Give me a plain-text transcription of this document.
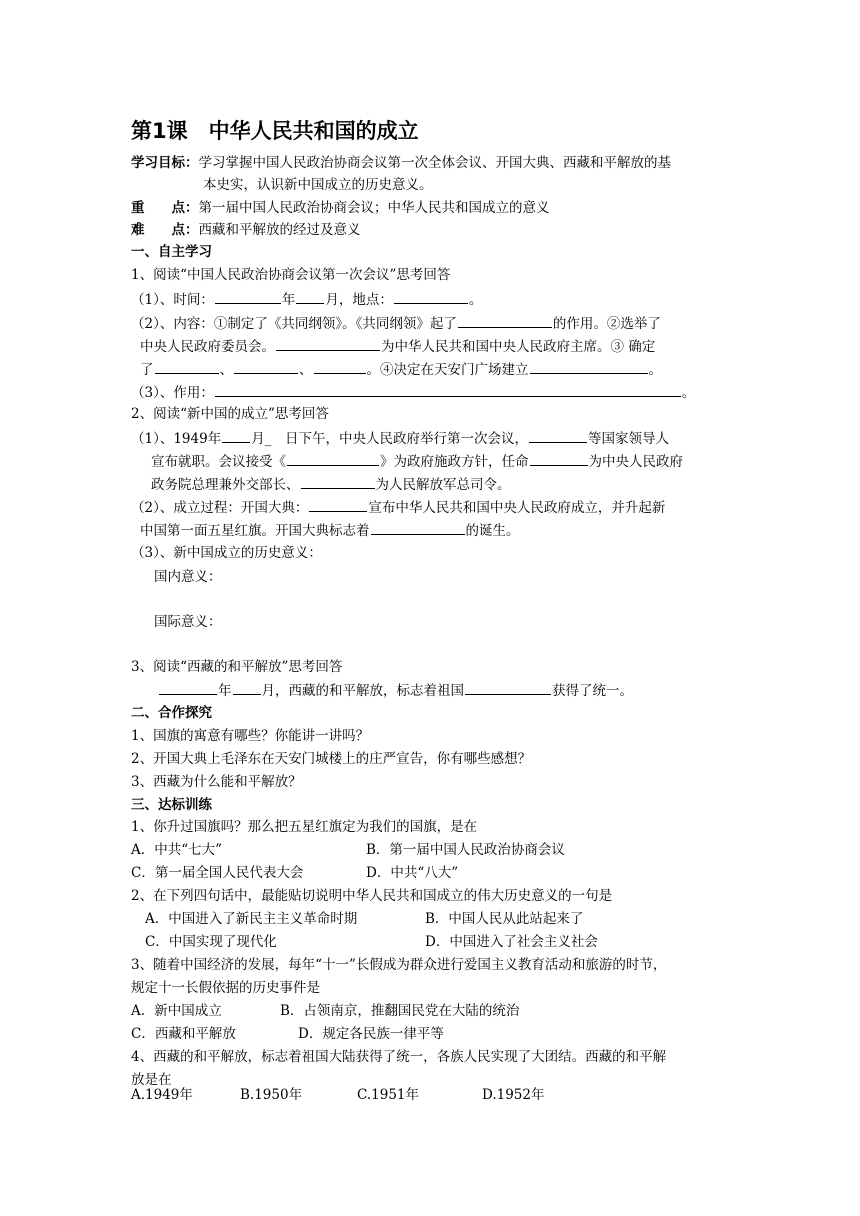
第1课　中华人民共和国的成立
学习目标：学习掌握中国人民政治协商会议第一次全体会议、开国大典、西藏和平解放的基
本史实，认识新中国成立的历史意义。
重　　点：第一届中国人民政治协商会议；中华人民共和国成立的意义
难　　点：西藏和平解放的经过及意义
一、自主学习
1、阅读“中国人民政治协商会议第一次会议”思考回答
（1）、时间：	年 月，地点：	。
（2）、内容：①制定了《共同纲领》。《共同纲领》起了	的作用。②选举了
中央人民政府委员会。	为中华人民共和国中央人民政府主席。③ 确定
了	、	、	。④决定在天安门广场建立	。
（3）、作用：	。
2、阅读“新中国的成立”思考回答
（1）、1949年 月_　日下午，中央人民政府举行第一次会议，	等国家领导人
宣布就职。会议接受《	》为政府施政方针，任命	为中央人民政府
政务院总理兼外交部长、	为人民解放军总司令。
（2）、成立过程：开国大典：	宣布中华人民共和国中央人民政府成立，并升起新
中国第一面五星红旗。开国大典标志着	的诞生。
（3）、新中国成立的历史意义：
国内意义：
国际意义：
3、阅读“西藏的和平解放”思考回答
年 月，西藏的和平解放，标志着祖国	获得了统一。
二、合作探究
1、国旗的寓意有哪些？你能讲一讲吗？
2、开国大典上毛泽东在天安门城楼上的庄严宣告，你有哪些感想？
3、西藏为什么能和平解放？
三、达标训练
1、你升过国旗吗？那么把五星红旗定为我们的国旗，是在
A．中共“七大”	B．第一届中国人民政治协商会议
C．第一届全国人民代表大会	D．中共“八大”
2、在下列四句话中，最能贴切说明中华人民共和国成立的伟大历史意义的一句是
A．中国进入了新民主主义革命时期	B．中国人民从此站起来了
C．中国实现了现代化	D．中国进入了社会主义社会
3、随着中国经济的发展，每年“十一”长假成为群众进行爱国主义教育活动和旅游的时节，
规定十一长假依据的历史事件是
A．新中国成立	B．占领南京，推翻国民党在大陆的统治
C．西藏和平解放	D．规定各民族一律平等
4、西藏的和平解放，标志着祖国大陆获得了统一，各族人民实现了大团结。西藏的和平解
放是在
A.1949年	B.1950年	C.1951年	D.1952年
